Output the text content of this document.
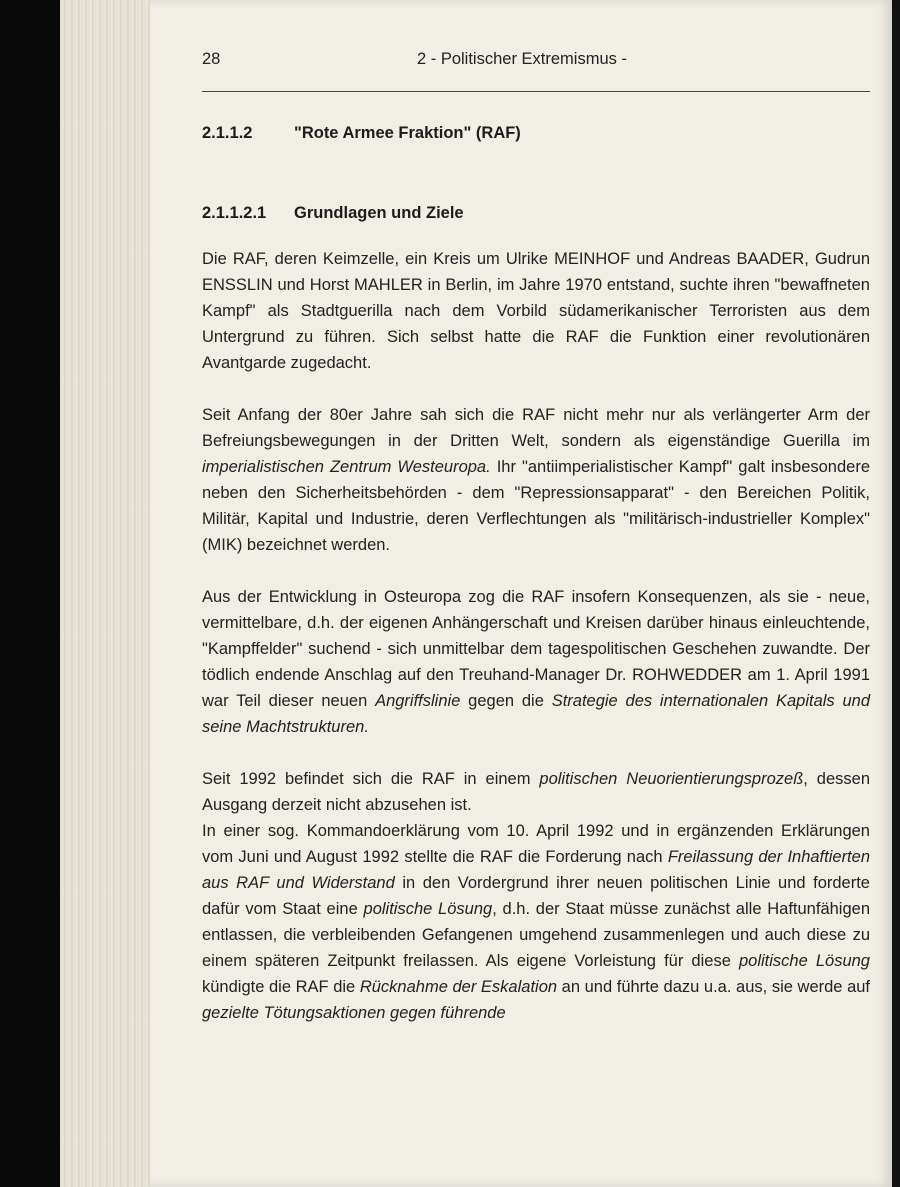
28	2 - Politischer Extremismus -
2.1.1.2	"Rote Armee Fraktion" (RAF)
2.1.1.2.1 Grundlagen und Ziele

Die RAF, deren Keimzelle, ein Kreis um Ulrike MEINHOF und Andreas BAADER, Gudrun ENSSLIN und Horst MAHLER in Berlin, im Jahre 1970 entstand, suchte ihren "bewaffneten Kampf" als Stadtguerilla nach dem Vorbild südamerikanischer Terroristen aus dem Untergrund zu führen. Sich selbst hatte die RAF die Funktion einer revolutionären Avantgarde zugedacht.

Seit Anfang der 80er Jahre sah sich die RAF nicht mehr nur als verlängerter Arm der Befreiungsbewegungen in der Dritten Welt, sondern als eigenständige Guerilla im imperialistischen Zentrum Westeuropa. Ihr "antiimperialistischer Kampf" galt insbesondere neben den Sicherheitsbehörden - dem "Repressionsapparat" - den Bereichen Politik, Militär, Kapital und Industrie, deren Verflechtungen als "militärisch-industrieller Komplex" (MIK) bezeichnet werden.

Aus der Entwicklung in Osteuropa zog die RAF insofern Konsequenzen, als sie - neue, vermittelbare, d.h. der eigenen Anhängerschaft und Kreisen darüber hinaus einleuchtende, "Kampffelder" suchend - sich unmittelbar dem tagespolitischen Geschehen zuwandte. Der tödlich endende Anschlag auf den Treuhand-Manager Dr. ROHWEDDER am 1. April 1991 war Teil dieser neuen Angriffslinie gegen die Strategie des internationalen Kapitals und seine Machtstrukturen.

Seit 1992 befindet sich die RAF in einem politischen Neuorientierungsprozeß, dessen Ausgang derzeit nicht abzusehen ist.

In einer sog. Kommandoerklärung vom 10. April 1992 und in ergänzenden Erklärungen vom Juni und August 1992 stellte die RAF die Forderung nach Freilassung der Inhaftierten aus RAF und Widerstand in den Vordergrund ihrer neuen politischen Linie und forderte dafür vom Staat eine politische Lösung, d.h. der Staat müsse zunächst alle Haftunfähigen entlassen, die verbleibenden Gefangenen umgehend zusammenlegen und auch diese zu einem späteren Zeitpunkt freilassen. Als eigene Vorleistung für diese politische Lösung kündigte die RAF die Rücknahme der Eskalation an und führte dazu u.a. aus, sie werde auf gezielte Tötungsaktionen gegen führende
